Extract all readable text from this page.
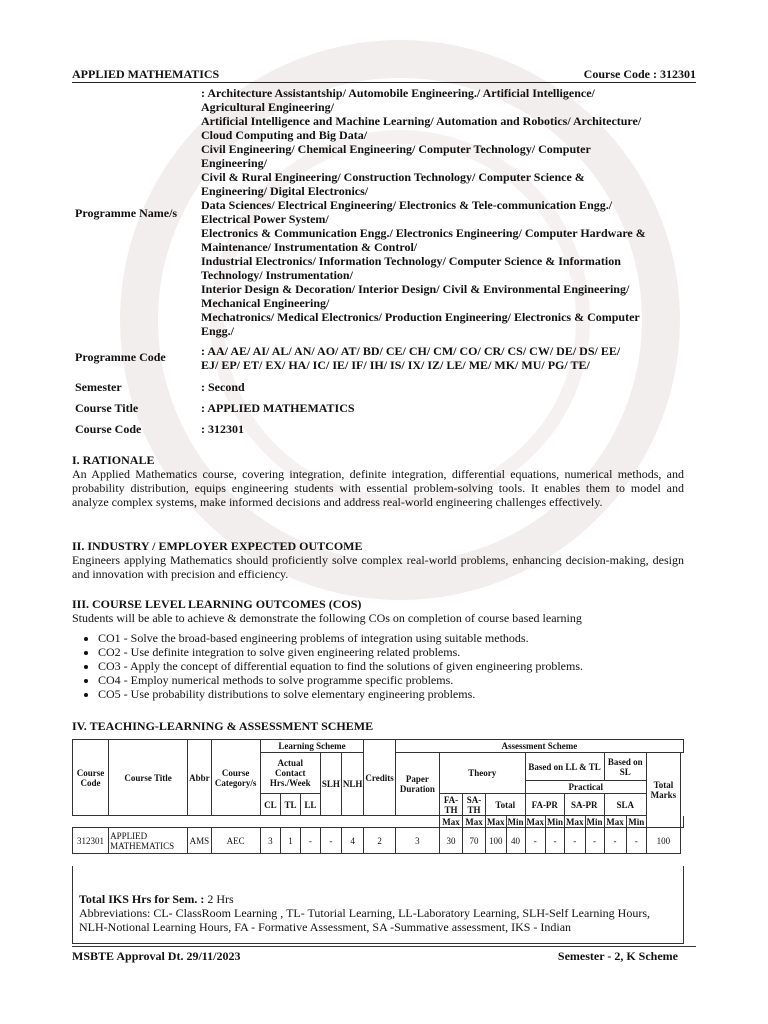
APPLIED MATHEMATICS	Course Code : 312301
Programme Name/s
: Architecture Assistantship/ Automobile Engineering./ Artificial Intelligence/
Agricultural Engineering/
Artificial Intelligence and Machine Learning/ Automation and Robotics/ Architecture/
Cloud Computing and Big Data/
Civil Engineering/ Chemical Engineering/ Computer Technology/ Computer
Engineering/
Civil & Rural Engineering/ Construction Technology/ Computer Science &
Engineering/ Digital Electronics/
Data Sciences/ Electrical Engineering/ Electronics & Tele-communication Engg./
Electrical Power System/
Electronics & Communication Engg./ Electronics Engineering/ Computer Hardware &
Maintenance/ Instrumentation & Control/
Industrial Electronics/ Information Technology/ Computer Science & Information
Technology/ Instrumentation/
Interior Design & Decoration/ Interior Design/ Civil & Environmental Engineering/
Mechanical Engineering/
Mechatronics/ Medical Electronics/ Production Engineering/ Electronics & Computer
Engg./
Programme Code	: AA/ AE/ AI/ AL/ AN/ AO/ AT/ BD/ CE/ CH/ CM/ CO/ CR/ CS/ CW/ DE/ DS/ EE/
EJ/ EP/ ET/ EX/ HA/ IC/ IE/ IF/ IH/ IS/ IX/ IZ/ LE/ ME/ MK/ MU/ PG/ TE/
Semester	: Second
Course Title	: APPLIED MATHEMATICS
Course Code	: 312301
I. RATIONALE

An Applied Mathematics course, covering integration, definite integration, differential equations, numerical methods, and probability distribution, equips engineering students with essential problem-solving tools. It enables them to model and analyze complex systems, make informed decisions and address real-world engineering challenges effectively.

II. INDUSTRY / EMPLOYER EXPECTED OUTCOME

Engineers applying Mathematics should proficiently solve complex real-world problems, enhancing decision-making, design and innovation with precision and efficiency.

III. COURSE LEVEL LEARNING OUTCOMES (COS)

Students will be able to achieve & demonstrate the following COs on completion of course based learning

• CO1 - Solve the broad-based engineering problems of integration using suitable methods.
• CO2 - Use definite integration to solve given engineering related problems.
• CO3 - Apply the concept of differential equation to find the solutions of given engineering problems.
• CO4 - Employ numerical methods to solve programme specific problems.
• CO5 - Use probability distributions to solve elementary engineering problems.
IV. TEACHING-LEARNING & ASSESSMENT SCHEME
Course Code	Course Title	Abbr	Course Category/s	Learning Scheme					Credits	Assessment Scheme												
				Actual Contact Hrs./Week			SLH	NLH		Paper Duration	Theory				Based on LL & TL				Based on SL		Total Marks	
															Practical							
				CL	TL	LL					FA-TH	SA-TH	Total		FA-PR		SA-PR		SLA			
											Max	Max	Max	Min	Max	Min	Max	Min	Max	Min		
312301	APPLIED MATHEMATICS	AMS	AEC	3	1	-	-	4	2	3	30	70	100	40	-	-	-	-	-	-	100	
Total IKS Hrs for Sem. : 2 Hrs
Abbreviations: CL- ClassRoom Learning , TL- Tutorial Learning, LL-Laboratory Learning, SLH-Self Learning Hours, NLH-Notional Learning Hours, FA - Formative Assessment, SA -Summative assessment, IKS - Indian
MSBTE Approval Dt. 29/11/2023	Semester - 2, K Scheme
